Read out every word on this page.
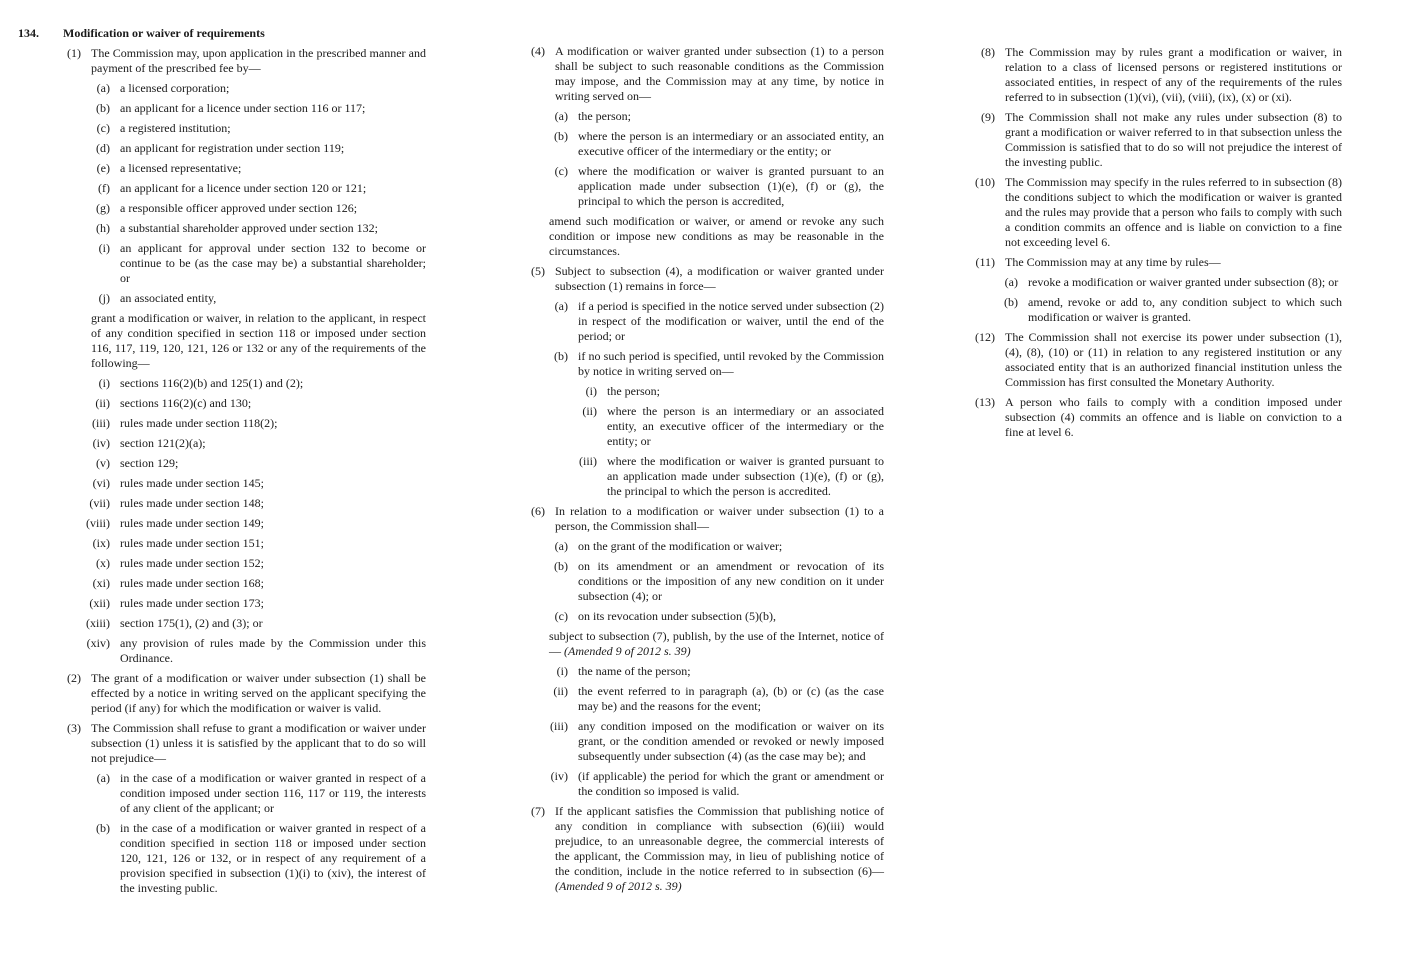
134.	Modification or waiver of requirements
(1) The Commission may, upon application in the prescribed manner and payment of the prescribed fee by—
(a) a licensed corporation;
(b) an applicant for a licence under section 116 or 117;
(c) a registered institution;
(d) an applicant for registration under section 119;
(e) a licensed representative;
(f) an applicant for a licence under section 120 or 121;
(g) a responsible officer approved under section 126;
(h) a substantial shareholder approved under section 132;
(i) an applicant for approval under section 132 to become or continue to be (as the case may be) a substantial shareholder; or
(j) an associated entity,
grant a modification or waiver, in relation to the applicant, in respect of any condition specified in section 118 or imposed under section 116, 117, 119, 120, 121, 126 or 132 or any of the requirements of the following—
(i) sections 116(2)(b) and 125(1) and (2);
(ii) sections 116(2)(c) and 130;
(iii) rules made under section 118(2);
(iv) section 121(2)(a);
(v) section 129;
(vi) rules made under section 145;
(vii) rules made under section 148;
(viii) rules made under section 149;
(ix) rules made under section 151;
(x) rules made under section 152;
(xi) rules made under section 168;
(xii) rules made under section 173;
(xiii) section 175(1), (2) and (3); or
(xiv) any provision of rules made by the Commission under this Ordinance.
(2) The grant of a modification or waiver under subsection (1) shall be effected by a notice in writing served on the applicant specifying the period (if any) for which the modification or waiver is valid.
(3) The Commission shall refuse to grant a modification or waiver under subsection (1) unless it is satisfied by the applicant that to do so will not prejudice—
(a) in the case of a modification or waiver granted in respect of a condition imposed under section 116, 117 or 119, the interests of any client of the applicant; or
(b) in the case of a modification or waiver granted in respect of a condition specified in section 118 or imposed under section 120, 121, 126 or 132, or in respect of any requirement of a provision specified in subsection (1)(i) to (xiv), the interest of the investing public.
(4) A modification or waiver granted under subsection (1) to a person shall be subject to such reasonable conditions as the Commission may impose, and the Commission may at any time, by notice in writing served on—
(a) the person;
(b) where the person is an intermediary or an associated entity, an executive officer of the intermediary or the entity; or
(c) where the modification or waiver is granted pursuant to an application made under subsection (1)(e), (f) or (g), the principal to which the person is accredited,
amend such modification or waiver, or amend or revoke any such condition or impose new conditions as may be reasonable in the circumstances.
(5) Subject to subsection (4), a modification or waiver granted under subsection (1) remains in force—
(a) if a period is specified in the notice served under subsection (2) in respect of the modification or waiver, until the end of the period; or
(b) if no such period is specified, until revoked by the Commission by notice in writing served on—
(i) the person;
(ii) where the person is an intermediary or an associated entity, an executive officer of the intermediary or the entity; or
(iii) where the modification or waiver is granted pursuant to an application made under subsection (1)(e), (f) or (g), the principal to which the person is accredited.
(6) In relation to a modification or waiver under subsection (1) to a person, the Commission shall—
(a) on the grant of the modification or waiver;
(b) on its amendment or an amendment or revocation of its conditions or the imposition of any new condition on it under subsection (4); or
(c) on its revocation under subsection (5)(b),
subject to subsection (7), publish, by the use of the Internet, notice of— (Amended 9 of 2012 s. 39)
(i) the name of the person;
(ii) the event referred to in paragraph (a), (b) or (c) (as the case may be) and the reasons for the event;
(iii) any condition imposed on the modification or waiver on its grant, or the condition amended or revoked or newly imposed subsequently under subsection (4) (as the case may be); and
(iv) (if applicable) the period for which the grant or amendment or the condition so imposed is valid.
(7) If the applicant satisfies the Commission that publishing notice of any condition in compliance with subsection (6)(iii) would prejudice, to an unreasonable degree, the commercial interests of the applicant, the Commission may, in lieu of publishing notice of the condition, include in the notice referred to in subsection (6)— (Amended 9 of 2012 s. 39)
(8) The Commission may by rules grant a modification or waiver, in relation to a class of licensed persons or registered institutions or associated entities, in respect of any of the requirements of the rules referred to in subsection (1)(vi), (vii), (viii), (ix), (x) or (xi).
(9) The Commission shall not make any rules under subsection (8) to grant a modification or waiver referred to in that subsection unless the Commission is satisfied that to do so will not prejudice the interest of the investing public.
(10) The Commission may specify in the rules referred to in subsection (8) the conditions subject to which the modification or waiver is granted and the rules may provide that a person who fails to comply with such a condition commits an offence and is liable on conviction to a fine not exceeding level 6.
(11) The Commission may at any time by rules—
(a) revoke a modification or waiver granted under subsection (8); or
(b) amend, revoke or add to, any condition subject to which such modification or waiver is granted.
(12) The Commission shall not exercise its power under subsection (1), (4), (8), (10) or (11) in relation to any registered institution or any associated entity that is an authorized financial institution unless the Commission has first consulted the Monetary Authority.
(13) A person who fails to comply with a condition imposed under subsection (4) commits an offence and is liable on conviction to a fine at level 6.
